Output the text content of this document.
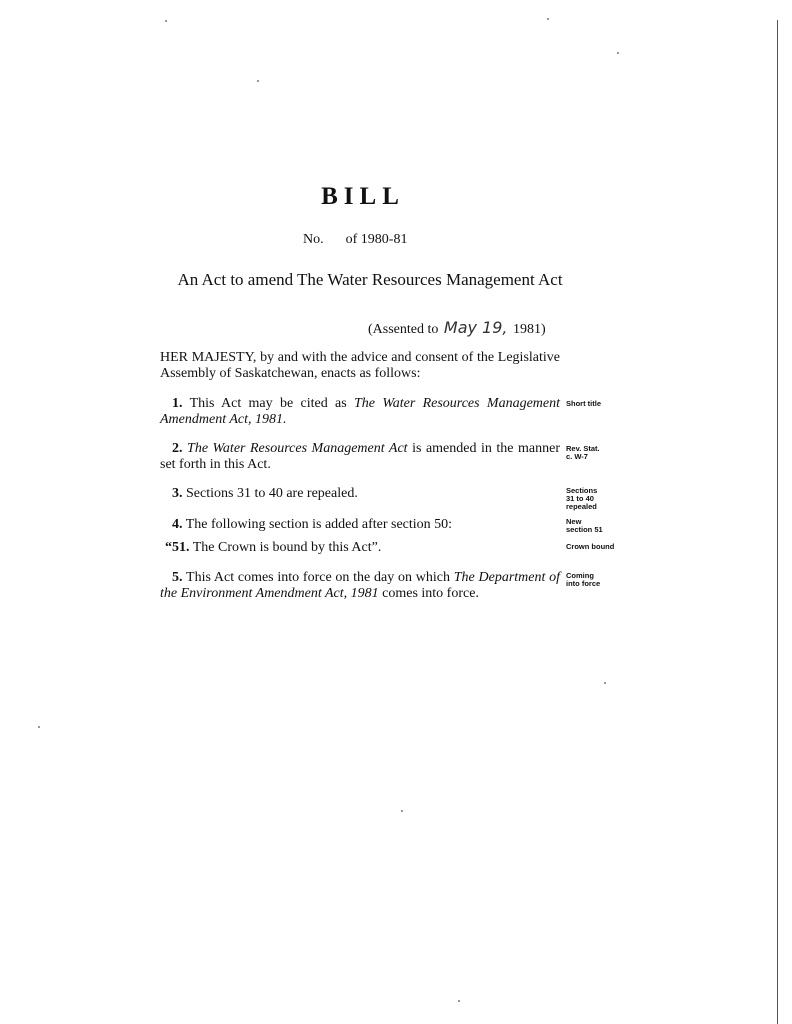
BILL
No. of 1980-81
An Act to amend The Water Resources Management Act
(Assented to May 19, 1981)
HER MAJESTY, by and with the advice and consent of the Legislative Assembly of Saskatchewan, enacts as follows:
1. This Act may be cited as The Water Resources Management Amendment Act, 1981.
Short title
2. The Water Resources Management Act is amended in the manner set forth in this Act.
Rev. Stat. c. W-7
3. Sections 31 to 40 are repealed.	Sections 31 to 40 repealed
4. The following section is added after section 50:	New section 51
“51. The Crown is bound by this Act”.	Crown bound
5. This Act comes into force on the day on which The Department of the Environment Amendment Act, 1981 comes into force.
Coming into force
